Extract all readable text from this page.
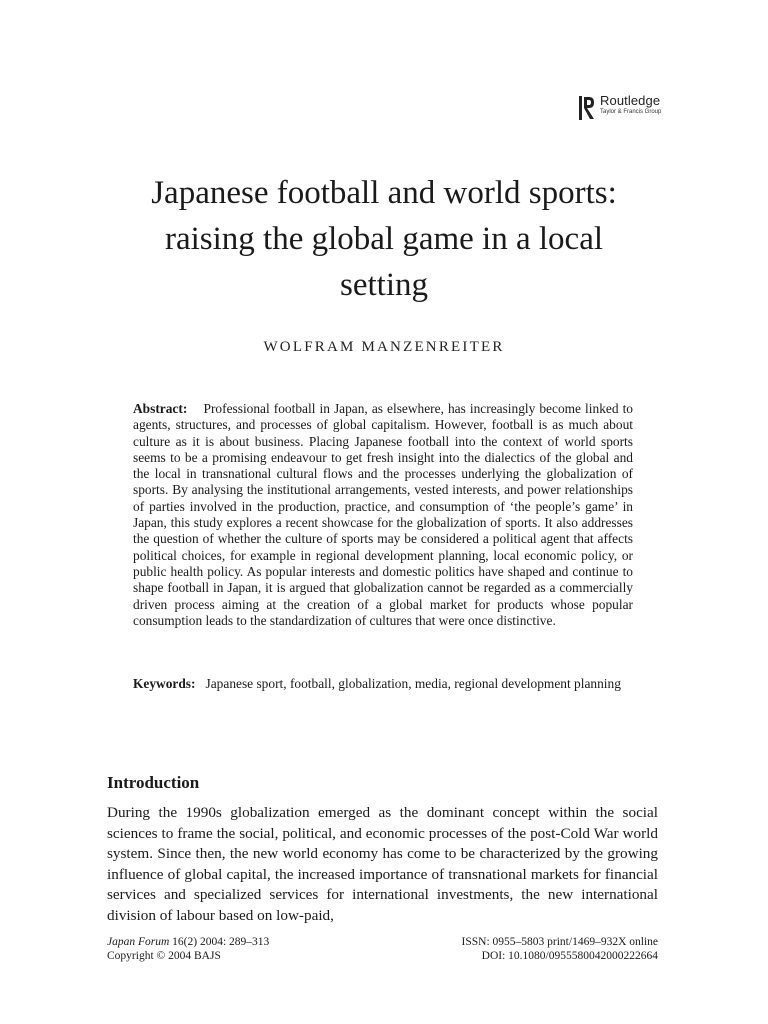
Routledge
Taylor & Francis Group
Japanese football and world sports:
raising the global game in a local
setting
WOLFRAM MANZENREITER

Abstract: Professional football in Japan, as elsewhere, has increasingly become linked to agents, structures, and processes of global capitalism. However, football is as much about culture as it is about business. Placing Japanese football into the context of world sports seems to be a promising endeavour to get fresh insight into the dialectics of the global and the local in transnational cultural flows and the processes underlying the globalization of sports. By analysing the institutional arrangements, vested interests, and power relationships of parties involved in the production, practice, and consumption of ‘the people’s game’ in Japan, this study explores a recent showcase for the globalization of sports. It also addresses the question of whether the culture of sports may be considered a political agent that affects political choices, for example in regional development planning, local economic policy, or public health policy. As popular interests and domestic politics have shaped and continue to shape football in Japan, it is argued that globalization cannot be regarded as a commercially driven process aiming at the creation of a global market for products whose popular consumption leads to the standardization of cultures that were once distinctive.

Keywords: Japanese sport, football, globalization, media, regional development planning

Introduction

During the 1990s globalization emerged as the dominant concept within the social sciences to frame the social, political, and economic processes of the post-Cold War world system. Since then, the new world economy has come to be characterized by the growing influence of global capital, the increased importance of transnational markets for financial services and specialized services for international investments, the new international division of labour based on low-paid,

Japan Forum 16(2) 2004: 289–313
Copyright © 2004 BAJS
ISSN: 0955–5803 print/1469–932X online
DOI: 10.1080/0955580042000222664
